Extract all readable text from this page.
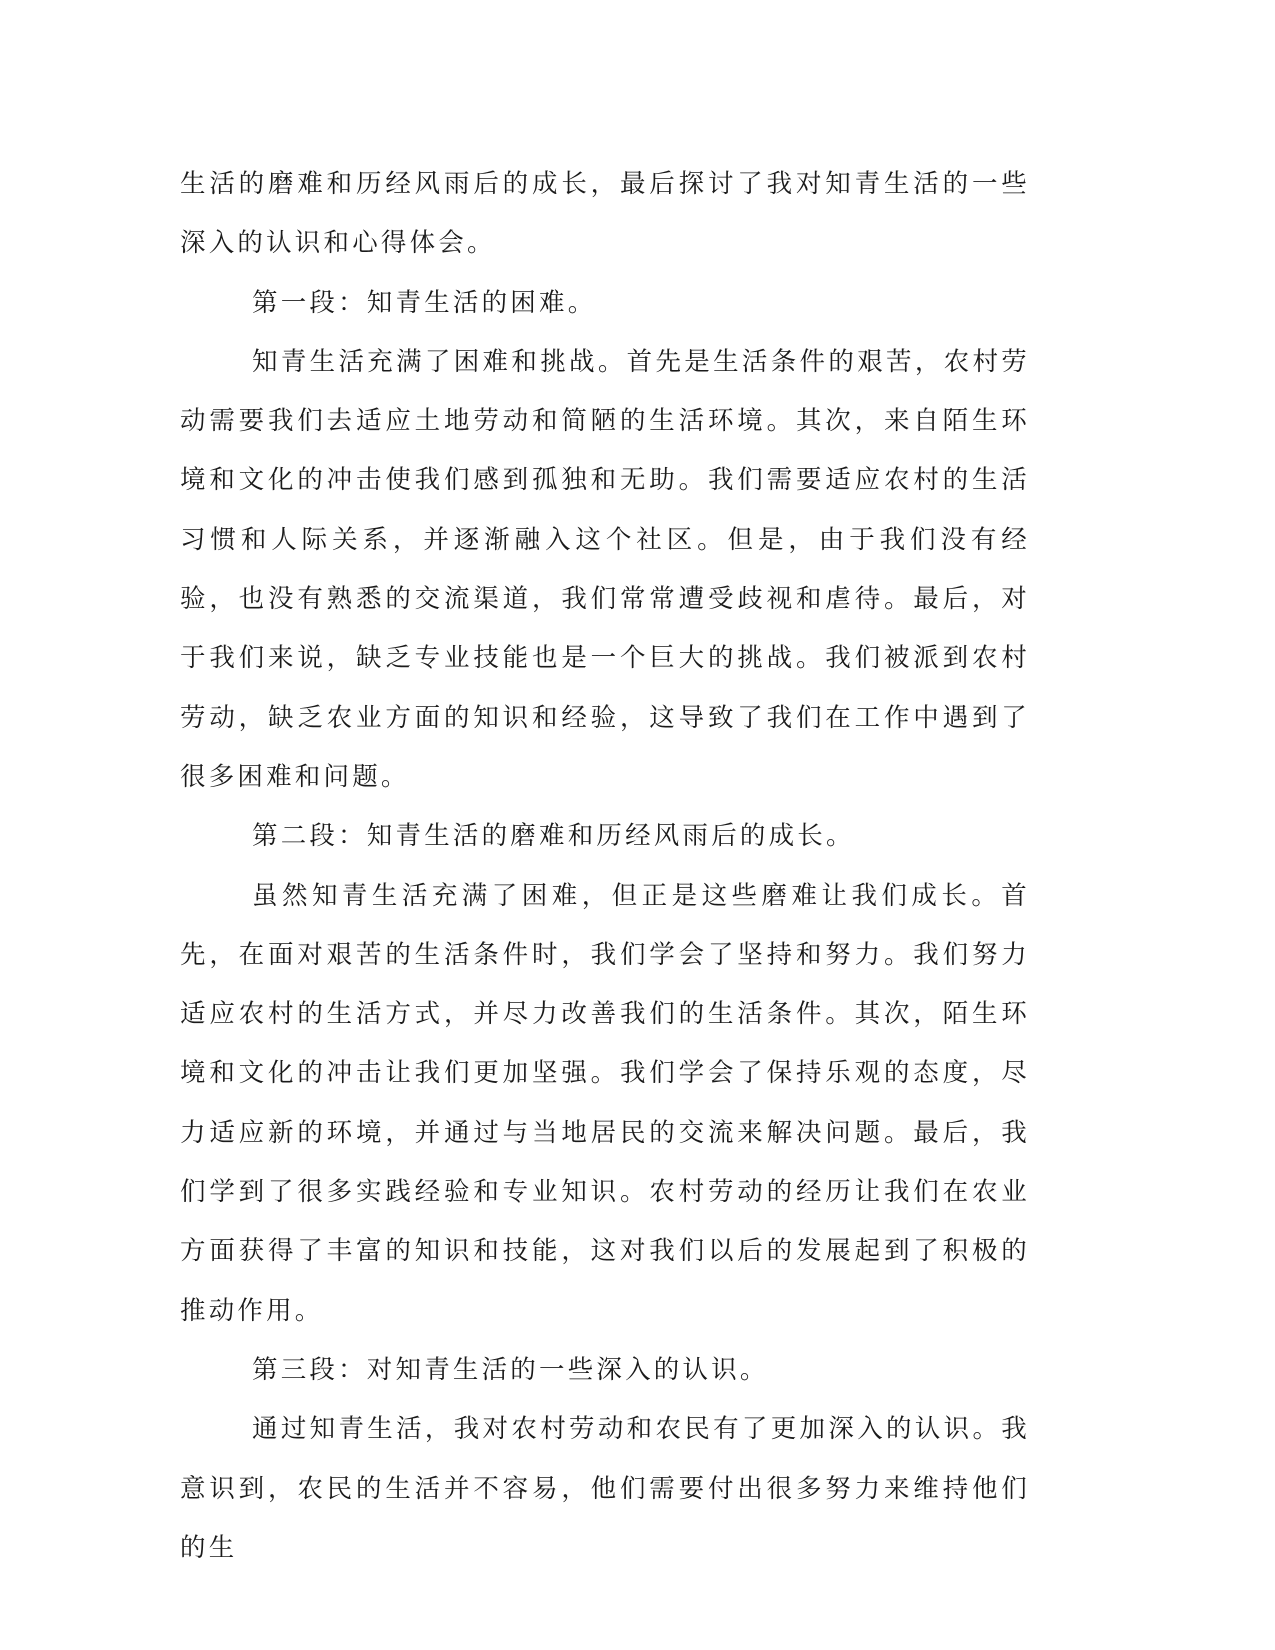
生活的磨难和历经风雨后的成长，最后探讨了我对知青生活的一些深入的认识和心得体会。

第一段：知青生活的困难。

知青生活充满了困难和挑战。首先是生活条件的艰苦，农村劳动需要我们去适应土地劳动和简陋的生活环境。其次，来自陌生环境和文化的冲击使我们感到孤独和无助。我们需要适应农村的生活习惯和人际关系，并逐渐融入这个社区。但是，由于我们没有经验，也没有熟悉的交流渠道，我们常常遭受歧视和虐待。最后，对于我们来说，缺乏专业技能也是一个巨大的挑战。我们被派到农村劳动，缺乏农业方面的知识和经验，这导致了我们在工作中遇到了很多困难和问题。

第二段：知青生活的磨难和历经风雨后的成长。

虽然知青生活充满了困难，但正是这些磨难让我们成长。首先，在面对艰苦的生活条件时，我们学会了坚持和努力。我们努力适应农村的生活方式，并尽力改善我们的生活条件。其次，陌生环境和文化的冲击让我们更加坚强。我们学会了保持乐观的态度，尽力适应新的环境，并通过与当地居民的交流来解决问题。最后，我们学到了很多实践经验和专业知识。农村劳动的经历让我们在农业方面获得了丰富的知识和技能，这对我们以后的发展起到了积极的推动作用。

第三段：对知青生活的一些深入的认识。

通过知青生活，我对农村劳动和农民有了更加深入的认识。我意识到，农民的生活并不容易，他们需要付出很多努力来维持他们的生
